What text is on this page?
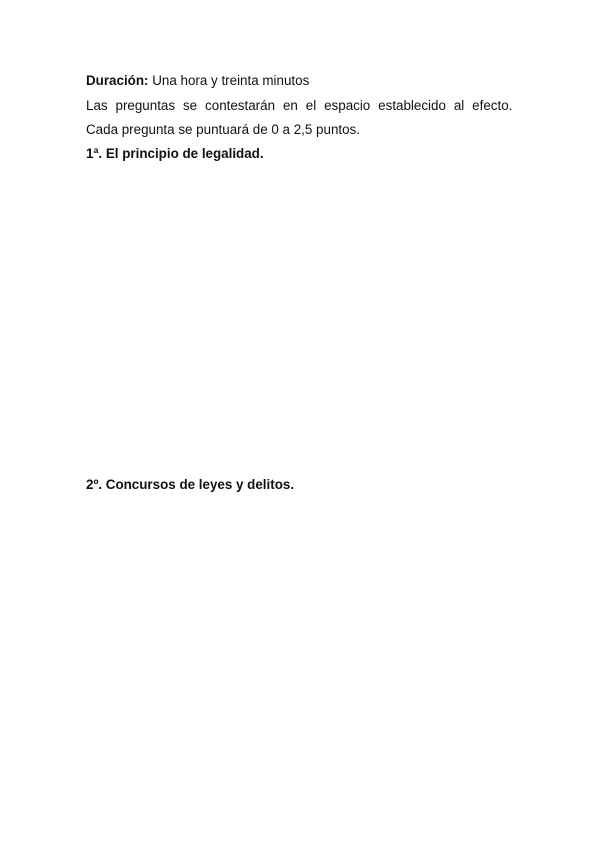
Duración: Una hora y treinta minutos
Las preguntas se contestarán en el espacio establecido al efecto.
Cada pregunta se puntuará de 0 a 2,5 puntos.
1ª. El principio de legalidad.
2º. Concursos de leyes y delitos.
